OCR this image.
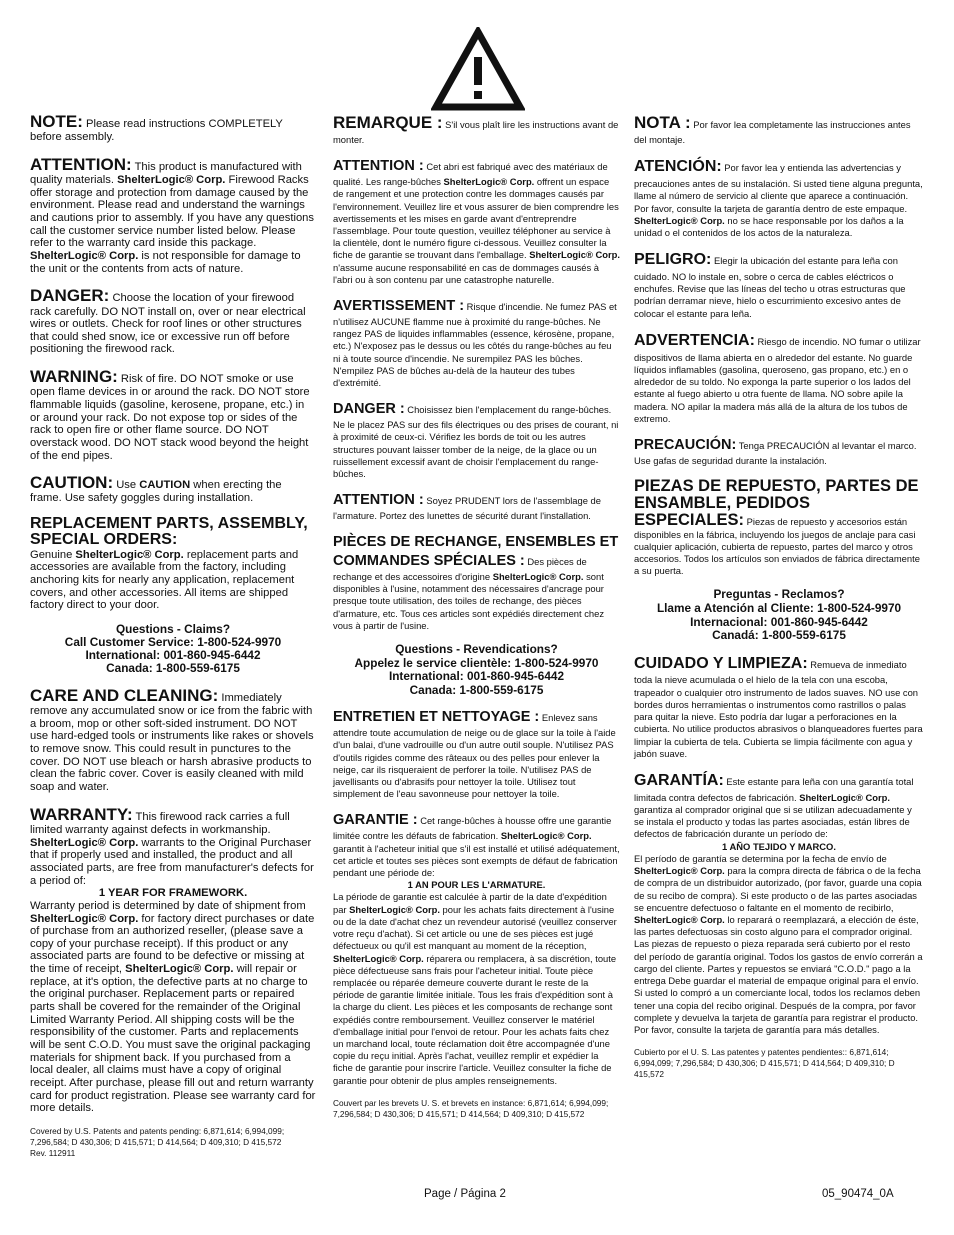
NOTE: Please read instructions COMPLETELY before assembly.

ATTENTION: This product is manufactured with quality materials. ShelterLogic® Corp. Firewood Racks offer storage and protection from damage caused by the environment. Please read and understand the warnings and cautions prior to assembly. If you have any questions call the customer service number listed below. Please refer to the warranty card inside this package. ShelterLogic® Corp. is not responsible for damage to the unit or the contents from acts of nature.

DANGER: Choose the location of your firewood rack carefully. DO NOT install on, over or near electrical wires or outlets. Check for roof lines or other structures that could shed snow, ice or excessive run off before positioning the firewood rack.

WARNING: Risk of fire. DO NOT smoke or use open flame devices in or around the rack. DO NOT store flammable liquids (gasoline, kerosene, propane, etc.) in or around your rack. Do not expose top or sides of the rack to open fire or other flame source. DO NOT overstack wood. DO NOT stack wood beyond the height of the end pipes.

CAUTION: Use CAUTION when erecting the frame. Use safety goggles during installation.

REPLACEMENT PARTS, ASSEMBLY, SPECIAL ORDERS:
Genuine ShelterLogic® Corp. replacement parts and accessories are available from the factory, including anchoring kits for nearly any application, replacement covers, and other accessories. All items are shipped factory direct to your door.

Questions - Claims?
Call Customer Service: 1-800-524-9970
International: 001-860-945-6442
Canada: 1-800-559-6175

CARE AND CLEANING: Immediately remove any accumulated snow or ice from the fabric with a broom, mop or other soft-sided instrument. DO NOT use hard-edged tools or instruments like rakes or shovels to remove snow. This could result in punctures to the cover. DO NOT use bleach or harsh abrasive products to clean the fabric cover. Cover is easily cleaned with mild soap and water.

WARRANTY: This firewood rack carries a full limited warranty against defects in workmanship. ShelterLogic® Corp. warrants to the Original Purchaser that if properly used and installed, the product and all associated parts, are free from manufacturer's defects for a period of:
1 YEAR FOR FRAMEWORK.
Warranty period is determined by date of shipment from ShelterLogic® Corp. for factory direct purchases or date of purchase from an authorized reseller, (please save a copy of your purchase receipt). If this product or any associated parts are found to be defective or missing at the time of receipt, ShelterLogic® Corp. will repair or replace, at it's option, the defective parts at no charge to the original purchaser. Replacement parts or repaired parts shall be covered for the remainder of the Original Limited Warranty Period. All shipping costs will be the responsibility of the customer. Parts and replacements will be sent C.O.D. You must save the original packaging materials for shipment back. If you purchased from a local dealer, all claims must have a copy of original receipt. After purchase, please fill out and return warranty card for product registration. Please see warranty card for more details.

Covered by U.S. Patents and patents pending: 6,871,614; 6,994,099; 7,296,584; D 430,306; D 415,571; D 414,564; D 409,310; D 415,572
Rev. 112911

REMARQUE : S'il vous plaît lire les instructions avant de monter.

ATTENTION : Cet abri est fabriqué avec des matériaux de qualité. Les range-bûches ShelterLogic® Corp. offrent un espace de rangement et une protection contre les dommages causés par l'environnement. Veuillez lire et vous assurer de bien comprendre les avertissements et les mises en garde avant d'entreprendre l'assemblage. Pour toute question, veuillez téléphoner au service à la clientèle, dont le numéro figure ci-dessous. Veuillez consulter la fiche de garantie se trouvant dans l'emballage. ShelterLogic® Corp. n'assume aucune responsabilité en cas de dommages causés à l'abri ou à son contenu par une catastrophe naturelle.

AVERTISSEMENT : Risque d'incendie. Ne fumez PAS et n'utilisez AUCUNE flamme nue à proximité du range-bûches. Ne rangez PAS de liquides inflammables (essence, kérosène, propane, etc.) N'exposez pas le dessus ou les côtés du range-bûches au feu ni à toute source d'incendie. Ne surempilez PAS les bûches. N'empilez PAS de bûches au-delà de la hauteur des tubes d'extrémité.

DANGER : Choisissez bien l'emplacement du range-bûches. Ne le placez PAS sur des fils électriques ou des prises de courant, ni à proximité de ceux-ci. Vérifiez les bords de toit ou les autres structures pouvant laisser tomber de la neige, de la glace ou un ruissellement excessif avant de choisir l'emplacement du range-bûches.

ATTENTION : Soyez PRUDENT lors de l'assemblage de l'armature. Portez des lunettes de sécurité durant l'installation.

PIÈCES DE RECHANGE, ENSEMBLES ET COMMANDES SPÉCIALES : Des pièces de rechange et des accessoires d'origine ShelterLogic® Corp. sont disponibles à l'usine, notamment des nécessaires d'ancrage pour presque toute utilisation, des toiles de rechange, des pièces d'armature, etc. Tous ces articles sont expédiés directement chez vous à partir de l'usine.

Questions - Revendications?
Appelez le service clientèle: 1-800-524-9970
International: 001-860-945-6442
Canada: 1-800-559-6175

ENTRETIEN ET NETTOYAGE : Enlevez sans attendre toute accumulation de neige ou de glace sur la toile à l'aide d'un balai, d'une vadrouille ou d'un autre outil souple. N'utilisez PAS d'outils rigides comme des râteaux ou des pelles pour enlever la neige, car ils risqueraient de perforer la toile. N'utilisez PAS de javellisants ou d'abrasifs pour nettoyer la toile. Utilisez tout simplement de l'eau savonneuse pour nettoyer la toile.

GARANTIE : Cet range-bûches à housse offre une garantie limitée contre les défauts de fabrication. ShelterLogic® Corp. garantit à l'acheteur initial que s'il est installé et utilisé adéquatement, cet article et toutes ses pièces sont exempts de défaut de fabrication pendant une période de:
1 AN POUR LES L'ARMATURE.
La période de garantie est calculée à partir de la date d'expédition par ShelterLogic® Corp. pour les achats faits directement à l'usine ou de la date d'achat chez un revendeur autorisé (veuillez conserver votre reçu d'achat). Si cet article ou une de ses pièces est jugé défectueux ou qu'il est manquant au moment de la réception, ShelterLogic® Corp. réparera ou remplacera, à sa discrétion, toute pièce défectueuse sans frais pour l'acheteur initial. Toute pièce remplacée ou réparée demeure couverte durant le reste de la période de garantie limitée initiale. Tous les frais d'expédition sont à la charge du client. Les pièces et les composants de rechange sont expédiés contre remboursement. Veuillez conserver le matériel d'emballage initial pour l'envoi de retour. Pour les achats faits chez un marchand local, toute réclamation doit être accompagnée d'une copie du reçu initial. Après l'achat, veuillez remplir et expédier la fiche de garantie pour inscrire l'article. Veuillez consulter la fiche de garantie pour obtenir de plus amples renseignements.

Couvert par les brevets U. S. et brevets en instance: 6,871,614; 6,994,099; 7,296,584; D 430,306; D 415,571; D 414,564; D 409,310; D 415,572

NOTA : Por favor lea completamente las instrucciones antes del montaje.

ATENCIÓN: Por favor lea y entienda las advertencias y precauciones antes de su instalación. Si usted tiene alguna pregunta, llame al número de servicio al cliente que aparece a continuación. Por favor, consulte la tarjeta de garantía dentro de este empaque. ShelterLogic® Corp. no se hace responsable por los daños a la unidad o el contenidos de los actos de la naturaleza.

PELIGRO: Elegir la ubicación del estante para leña con cuidado. NO lo instale en, sobre o cerca de cables eléctricos o enchufes. Revise que las líneas del techo u otras estructuras que podrían derramar nieve, hielo o escurrimiento excesivo antes de colocar el estante para leña.

ADVERTENCIA: Riesgo de incendio. NO fumar o utilizar dispositivos de llama abierta en o alrededor del estante. No guarde líquidos inflamables (gasolina, queroseno, gas propano, etc.) en o alrededor de su toldo. No exponga la parte superior o los lados del estante al fuego abierto u otra fuente de llama. NO sobre apile la madera. NO apilar la madera más allá de la altura de los tubos de extremo.

PRECAUCIÓN: Tenga PRECAUCIÓN al levantar el marco. Use gafas de seguridad durante la instalación.

PIEZAS DE REPUESTO, PARTES DE ENSAMBLE, PEDIDOS ESPECIALES: Piezas de repuesto y accesorios están disponibles en la fábrica, incluyendo los juegos de anclaje para casi cualquier aplicación, cubierta de repuesto, partes del marco y otros accesorios. Todos los artículos son enviados de fábrica directamente a su puerta.

Preguntas - Reclamos?
Llame a Atención al Cliente: 1-800-524-9970
Internacional: 001-860-945-6442
Canadá: 1-800-559-6175

CUIDADO Y LIMPIEZA: Remueva de inmediato toda la nieve acumulada o el hielo de la tela con una escoba, trapeador o cualquier otro instrumento de lados suaves. NO use con bordes duros herramientas o instrumentos como rastrillos o palas para quitar la nieve. Esto podría dar lugar a perforaciones en la cubierta. No utilice productos abrasivos o blanqueadores fuertes para limpiar la cubierta de tela. Cubierta se limpia fácilmente con agua y jabón suave.

GARANTÍA: Este estante para leña con una garantía total limitada contra defectos de fabricación. ShelterLogic® Corp. garantiza al comprador original que si se utilizan adecuadamente y se instala el producto y todas las partes asociadas, están libres de defectos de fabricación durante un período de:
1 AÑO TEJIDO Y MARCO.
El período de garantía se determina por la fecha de envío de ShelterLogic® Corp. para la compra directa de fábrica o de la fecha de compra de un distribuidor autorizado, (por favor, guarde una copia de su recibo de compra). Si este producto o de las partes asociadas se encuentre defectuoso o faltante en el momento de recibirlo, ShelterLogic® Corp. lo reparará o reemplazará, a elección de éste, las partes defectuosas sin costo alguno para el comprador original. Las piezas de repuesto o pieza reparada será cubierto por el resto del período de garantía original. Todos los gastos de envío correrán a cargo del cliente. Partes y repuestos se enviará "C.O.D." pago a la entrega Debe guardar el material de empaque original para el envío. Si usted lo compró a un comerciante local, todos los reclamos deben tener una copia del recibo original. Después de la compra, por favor complete y devuelva la tarjeta de garantía para registrar el producto. Por favor, consulte la tarjeta de garantía para más detalles.

Cubierto por el U. S. Las patentes y patentes pendientes:: 6,871,614; 6,994,099; 7,296,584; D 430,306; D 415,571; D 414,564; D 409,310; D 415,572

Page / Página 2	05_90474_0A
